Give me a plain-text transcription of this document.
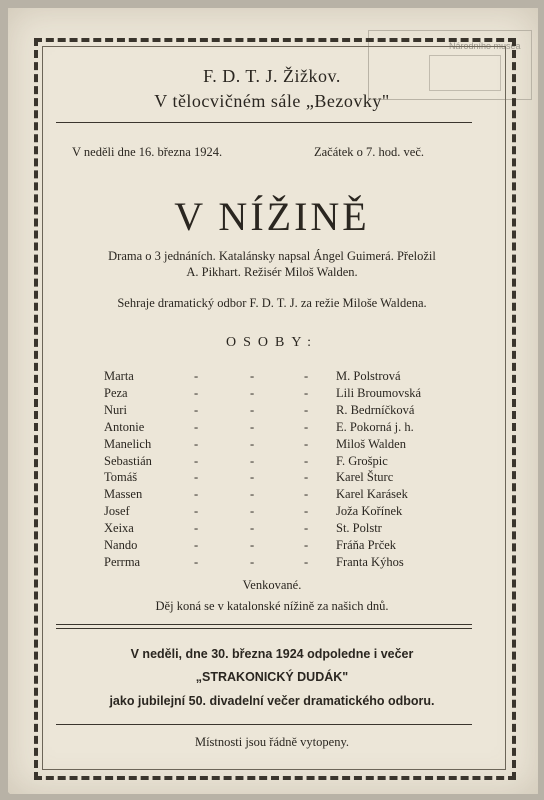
Národního musea
F. D. T. J. Žižkov.
V tělocvičném sále „Bezovky"
V neděli dne 16. března 1924.	Začátek o 7. hod. več.
V NÍŽINĚ
Drama o 3 jednáních. Katalánsky napsal Ángel Guimerá. Přeložil
A. Pikhart. Režisér Miloš Walden.
Sehraje dramatický odbor F. D. T. J. za režie Miloše Waldena.
OSOBY:
Marta	-	-	- M. Polstrová
Peza	-	-	- Lili Broumovská
Nuri	-	-	- R. Bedrníčková
Antonie	-	-	- E. Pokorná j. h.
Manelich	-	-	- Miloš Walden
Sebastián	-	-	- F. Grošpic
Tomáš	-	-	- Karel Šturc
Massen	-	-	- Karel Karásek
Josef	-	-	- Joža Kořínek
Xeixa	-	-	- St. Polstr
Nando	-	-	- Fráňa Prček
Perrma	-	-	- Franta Kýhos
Venkované.
Děj koná se v katalonské nížině za našich dnů.
V neděli, dne 30. března 1924 odpoledne i večer
„STRAKONICKÝ DUDÁK"
jako jubilejní 50. divadelní večer dramatického odboru.
Místnosti jsou řádně vytopeny.
